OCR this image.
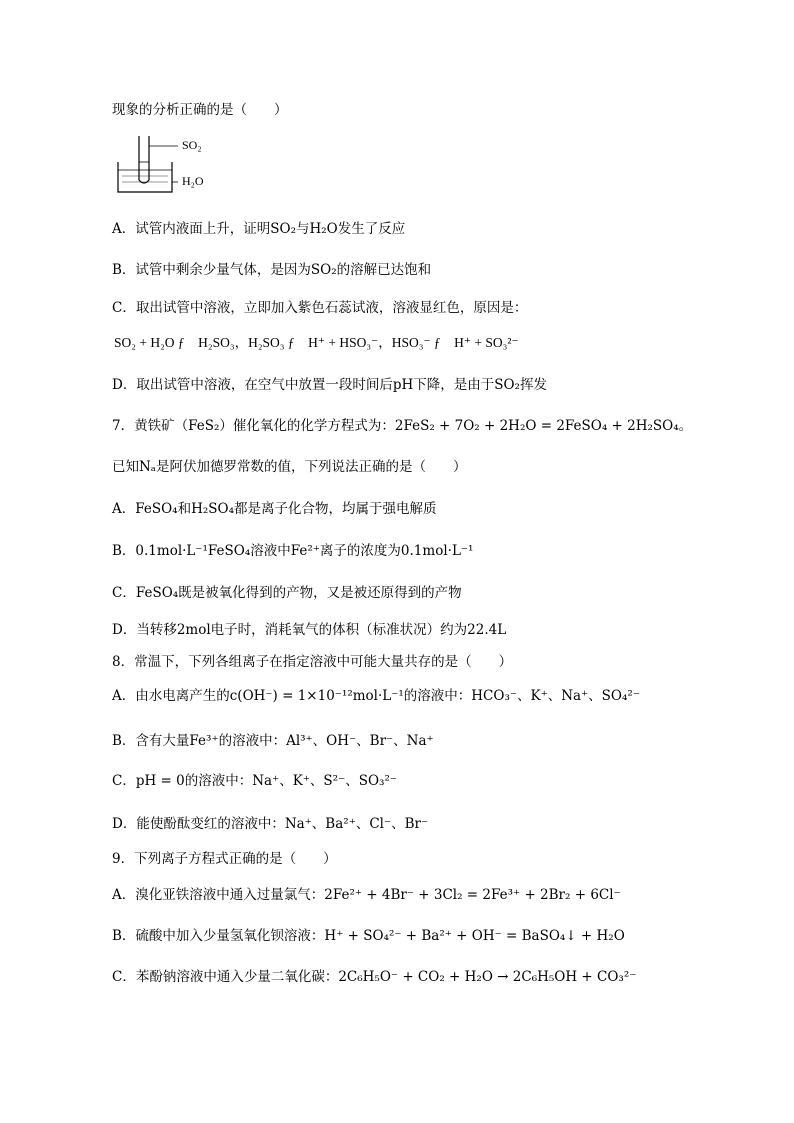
现象的分析正确的是（　　）
SO₂
H₂O
A．试管内液面上升，证明SO₂与H₂O发生了反应
B．试管中剩余少量气体，是因为SO₂的溶解已达饱和
C．取出试管中溶液，立即加入紫色石蕊试液，溶液显红色，原因是：
SO₂ + H₂O ƒ　H₂SO₃，H₂SO₃ ƒ　H⁺ + HSO₃⁻，HSO₃⁻ ƒ　H⁺ + SO₃²⁻
D．取出试管中溶液，在空气中放置一段时间后pH下降，是由于SO₂挥发
7．黄铁矿（FeS₂）催化氧化的化学方程式为：2FeS₂ + 7O₂ + 2H₂O = 2FeSO₄ + 2H₂SO₄。
已知Nₐ是阿伏加德罗常数的值，下列说法正确的是（　　）
A．FeSO₄和H₂SO₄都是离子化合物，均属于强电解质
B．0.1mol·L⁻¹FeSO₄溶液中Fe²⁺离子的浓度为0.1mol·L⁻¹
C．FeSO₄既是被氧化得到的产物，又是被还原得到的产物
D．当转移2mol电子时，消耗氧气的体积（标准状况）约为22.4L
8．常温下，下列各组离子在指定溶液中可能大量共存的是（　　）
A．由水电离产生的c(OH⁻) = 1×10⁻¹²mol·L⁻¹的溶液中：HCO₃⁻、K⁺、Na⁺、SO₄²⁻
B．含有大量Fe³⁺的溶液中：Al³⁺、OH⁻、Br⁻、Na⁺
C．pH = 0的溶液中：Na⁺、K⁺、S²⁻、SO₃²⁻
D．能使酚酞变红的溶液中：Na⁺、Ba²⁺、Cl⁻、Br⁻
9．下列离子方程式正确的是（　　）
A．溴化亚铁溶液中通入过量氯气：2Fe²⁺ + 4Br⁻ + 3Cl₂ = 2Fe³⁺ + 2Br₂ + 6Cl⁻
B．硫酸中加入少量氢氧化钡溶液：H⁺ + SO₄²⁻ + Ba²⁺ + OH⁻ = BaSO₄↓ + H₂O
C．苯酚钠溶液中通入少量二氧化碳：2C₆H₅O⁻ + CO₂ + H₂O → 2C₆H₅OH + CO₃²⁻
